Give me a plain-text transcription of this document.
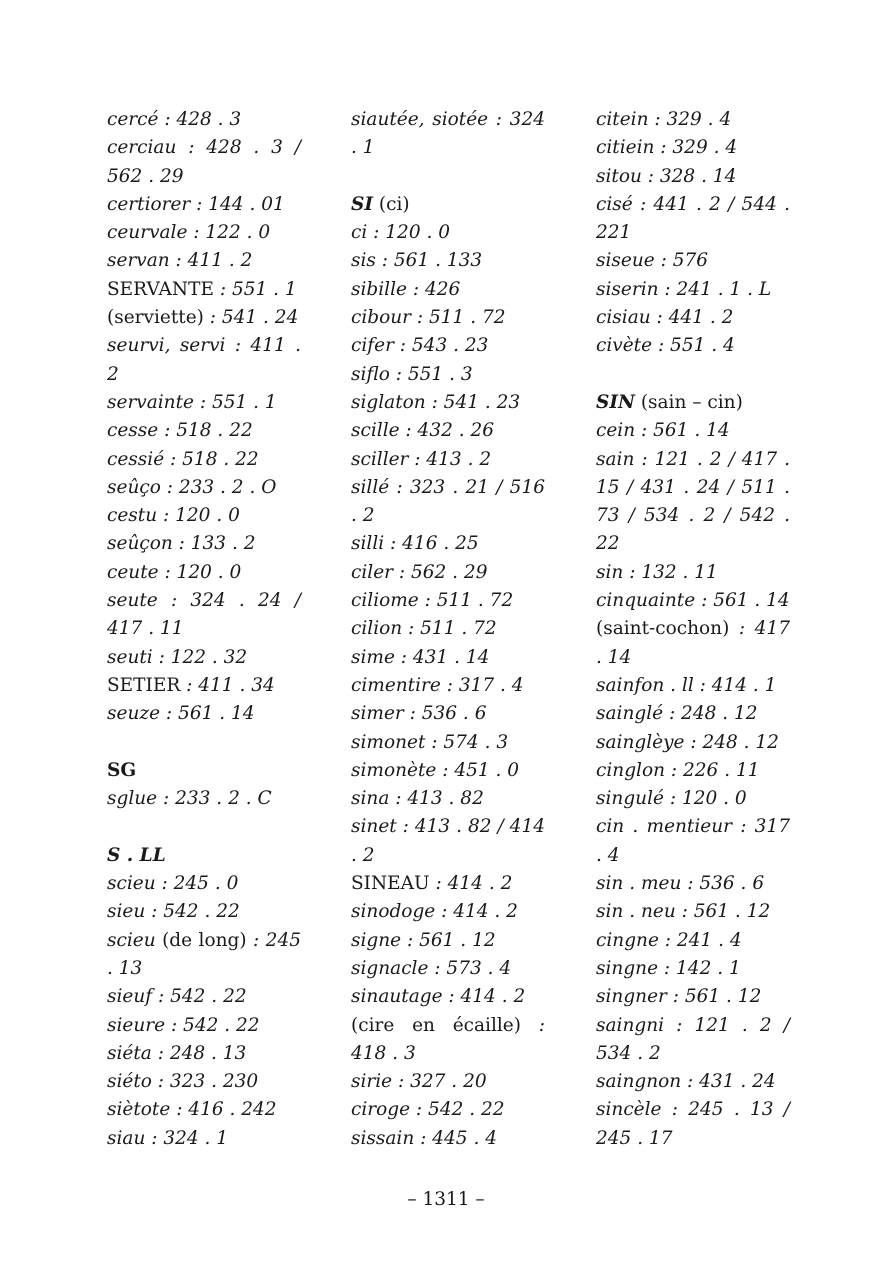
cercé : 428 . 3
cerciau : 428 . 3 / 562 . 29
certiorer : 144 . 01
ceurvale : 122 . 0
servan : 411 . 2
SERVANTE : 551 . 1
(serviette) : 541 . 24
seurvi, servi : 411 . 2
servainte : 551 . 1
cesse : 518 . 22
cessié : 518 . 22
seûço : 233 . 2 . O
cestu : 120 . 0
seûçon : 133 . 2
ceute : 120 . 0
seute : 324 . 24 / 417 . 11
seuti : 122 . 32
SETIER : 411 . 34
seuze : 561 . 14
SG
sglue : 233 . 2 . C
S . LL
scieu : 245 . 0
sieu : 542 . 22
scieu (de long) : 245 . 13
sieuf : 542 . 22
sieure : 542 . 22
siéta : 248 . 13
siéto : 323 . 230
siètote : 416 . 242
siau : 324 . 1
siautée, siotée : 324 . 1
SI (ci)
ci : 120 . 0
sis : 561 . 133
sibille : 426
cibour : 511 . 72
cifer : 543 . 23
siflo : 551 . 3
siglaton : 541 . 23
scille : 432 . 26
sciller : 413 . 2
sillé : 323 . 21 / 516 . 2
silli : 416 . 25
ciler : 562 . 29
ciliome : 511 . 72
cilion : 511 . 72
sime : 431 . 14
cimentire : 317 . 4
simer : 536 . 6
simonet : 574 . 3
simonète : 451 . 0
sina : 413 . 82
sinet : 413 . 82 / 414 . 2
SINEAU : 414 . 2
sinodoge : 414 . 2
signe : 561 . 12
signacle : 573 . 4
sinautage : 414 . 2
(cire en écaille) : 418 . 3
sirie : 327 . 20
ciroge : 542 . 22
sissain : 445 . 4
citein : 329 . 4
citiein : 329 . 4
sitou : 328 . 14
cisé : 441 . 2 / 544 . 221
siseue : 576
siserin : 241 . 1 . L
cisiau : 441 . 2
civète : 551 . 4
SIN (sain – cin)
cein : 561 . 14
sain : 121 . 2 / 417 . 15 / 431 . 24 / 511 . 73 / 534 . 2 / 542 . 22
sin : 132 . 11
cinquainte : 561 . 14
(saint-cochon) : 417 . 14
sainfon . ll : 414 . 1
sainglé : 248 . 12
sainglèye : 248 . 12
cinglon : 226 . 11
singulé : 120 . 0
cin . mentieur : 317 . 4
sin . meu : 536 . 6
sin . neu : 561 . 12
cingne : 241 . 4
singne : 142 . 1
singner : 561 . 12
saingni : 121 . 2 / 534 . 2
saingnon : 431 . 24
sincèle : 245 . 13 / 245 . 17
– 1311 –
